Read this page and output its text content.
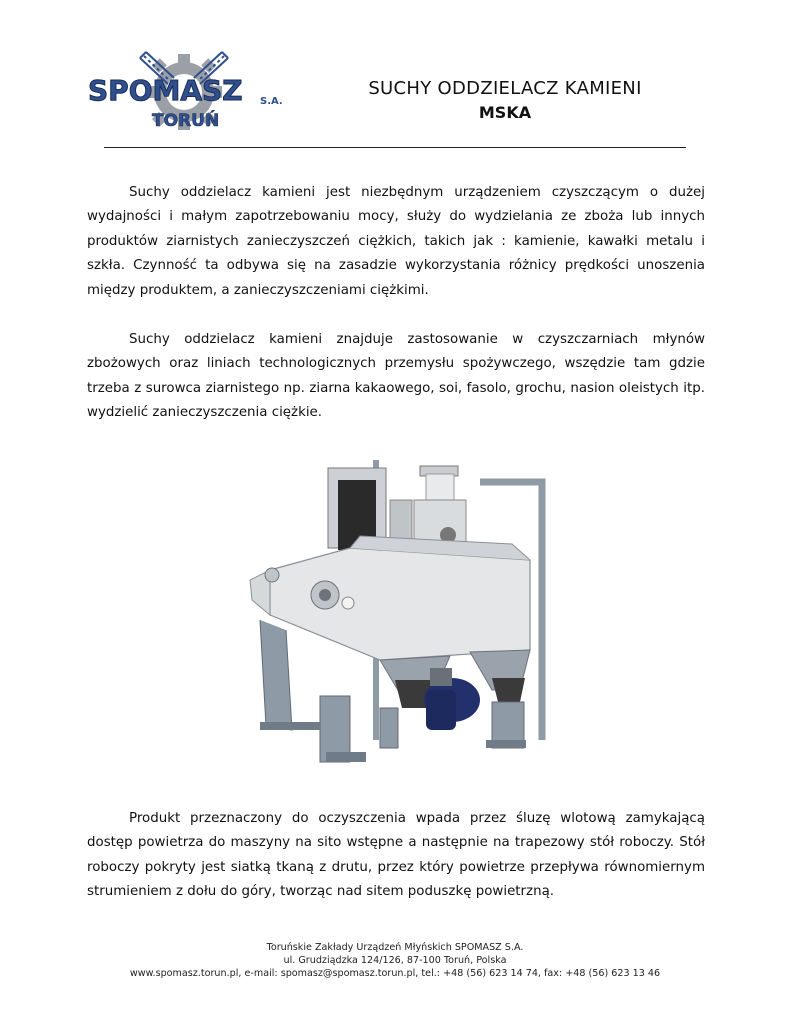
SPOMASZ S.A.
TORUŃ
SUCHY ODDZIELACZ KAMIENI
MSKA

Suchy oddzielacz kamieni jest niezbędnym urządzeniem czyszczącym o dużej wydajności i małym zapotrzebowaniu mocy, służy do wydzielania ze zboża lub innych produktów ziarnistych zanieczyszczeń ciężkich, takich jak : kamienie, kawałki metalu i szkła. Czynność ta odbywa się na zasadzie wykorzystania różnicy prędkości unoszenia między produktem, a zanieczyszczeniami ciężkimi.

Suchy oddzielacz kamieni znajduje zastosowanie w czyszczarniach młynów zbożowych oraz liniach technologicznych przemysłu spożywczego, wszędzie tam gdzie trzeba z surowca ziarnistego np. ziarna kakaowego, soi, fasolo, grochu, nasion oleistych itp. wydzielić zanieczyszczenia ciężkie.

Produkt przeznaczony do oczyszczenia wpada przez śluzę wlotową zamykającą dostęp powietrza do maszyny na sito wstępne a następnie na trapezowy stół roboczy. Stół roboczy pokryty jest siatką tkaną z drutu, przez który powietrze przepływa równomiernym strumieniem z dołu do góry, tworząc nad sitem poduszkę powietrzną.

Toruńskie Zakłady Urządzeń Młyńskich SPOMASZ S.A.
ul. Grudziądzka 124/126, 87-100 Toruń, Polska
www.spomasz.torun.pl, e-mail: spomasz@spomasz.torun.pl, tel.: +48 (56) 623 14 74, fax: +48 (56) 623 13 46
